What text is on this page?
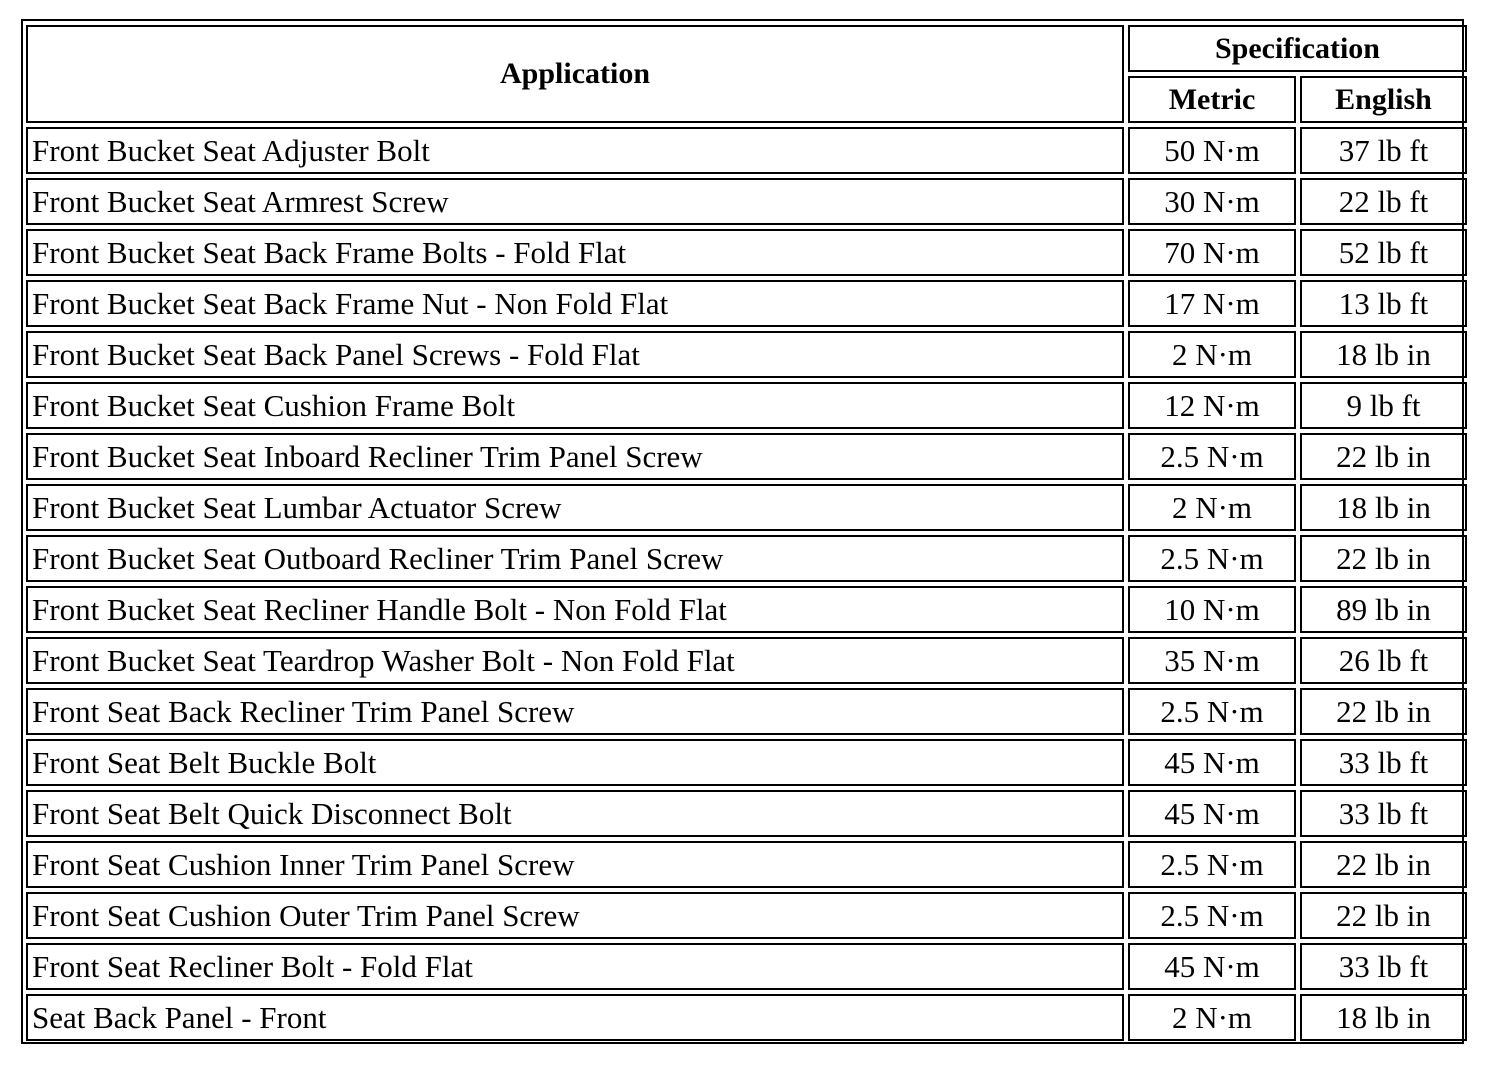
Application	Specification	
	Metric	English
Front Bucket Seat Adjuster Bolt	50 N·m	37 lb ft
Front Bucket Seat Armrest Screw	30 N·m	22 lb ft
Front Bucket Seat Back Frame Bolts - Fold Flat	70 N·m	52 lb ft
Front Bucket Seat Back Frame Nut - Non Fold Flat	17 N·m	13 lb ft
Front Bucket Seat Back Panel Screws - Fold Flat	2 N·m	18 lb in
Front Bucket Seat Cushion Frame Bolt	12 N·m	9 lb ft
Front Bucket Seat Inboard Recliner Trim Panel Screw	2.5 N·m	22 lb in
Front Bucket Seat Lumbar Actuator Screw	2 N·m	18 lb in
Front Bucket Seat Outboard Recliner Trim Panel Screw	2.5 N·m	22 lb in
Front Bucket Seat Recliner Handle Bolt - Non Fold Flat	10 N·m	89 lb in
Front Bucket Seat Teardrop Washer Bolt - Non Fold Flat	35 N·m	26 lb ft
Front Seat Back Recliner Trim Panel Screw	2.5 N·m	22 lb in
Front Seat Belt Buckle Bolt	45 N·m	33 lb ft
Front Seat Belt Quick Disconnect Bolt	45 N·m	33 lb ft
Front Seat Cushion Inner Trim Panel Screw	2.5 N·m	22 lb in
Front Seat Cushion Outer Trim Panel Screw	2.5 N·m	22 lb in
Front Seat Recliner Bolt - Fold Flat	45 N·m	33 lb ft
Seat Back Panel - Front	2 N·m	18 lb in
